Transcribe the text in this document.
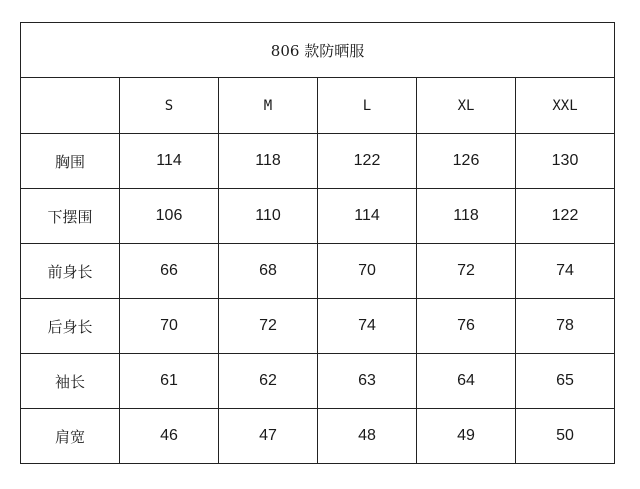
806 款防晒服					
	S	M	L	XL	XXL
胸围	114	118	122	126	130
下摆围	106	110	114	118	122
前身长	66	68	70	72	74
后身长	70	72	74	76	78
袖长	61	62	63	64	65
肩宽	46	47	48	49	50
